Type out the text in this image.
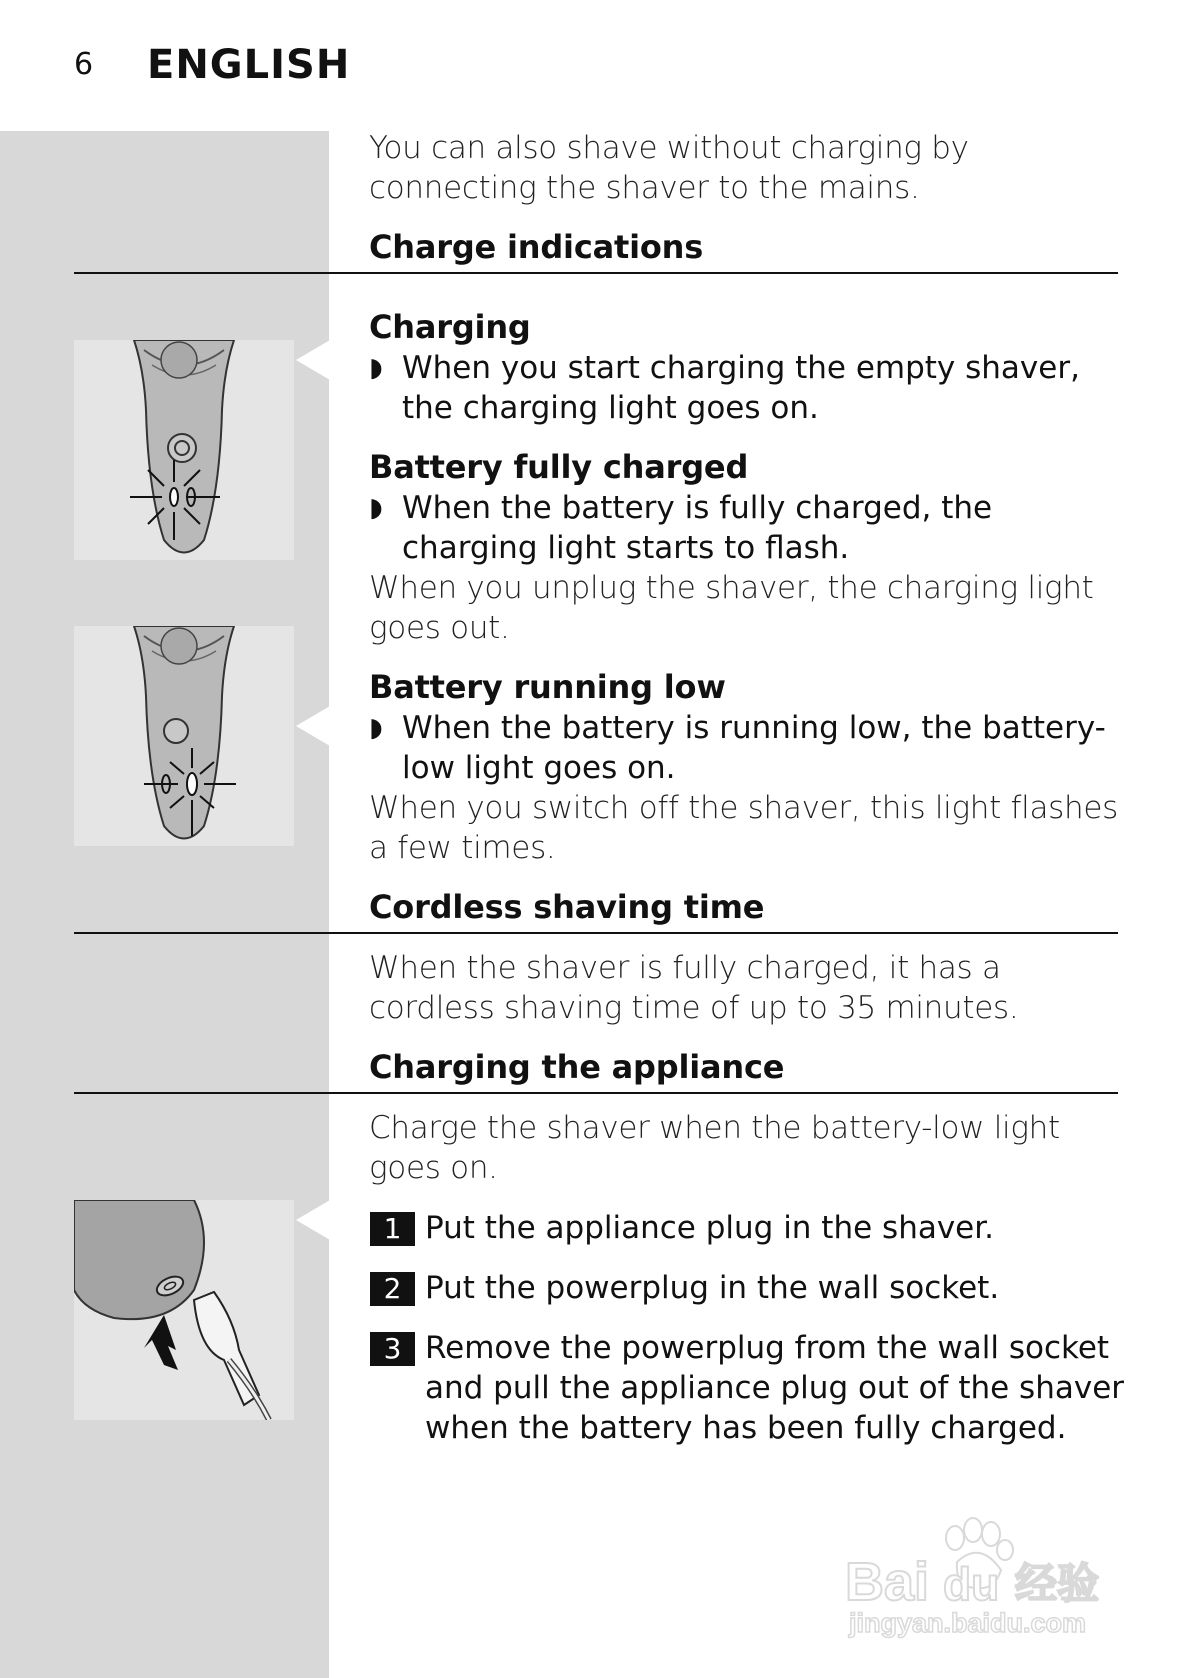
6 ENGLISH

You can also shave without charging by connecting the shaver to the mains.

Charge indications
Charging
◗ When you start charging the empty shaver, the charging light goes on.
Battery fully charged
◗ When the battery is fully charged, the charging light starts to flash.

When you unplug the shaver, the charging light goes out.

Battery running low
◗ When the battery is running low, the battery-low light goes on.

When you switch off the shaver, this light flashes a few times.

Cordless shaving time

When the shaver is fully charged, it has a cordless shaving time of up to 35 minutes.

Charging the appliance

Charge the shaver when the battery-low light goes on.

1 Put the appliance plug in the shaver.
2 Put the powerplug in the wall socket.
3 Remove the powerplug from the wall socket and pull the appliance plug out of the shaver when the battery has been fully charged.
Bai du 经验
jingyan.baidu.com
